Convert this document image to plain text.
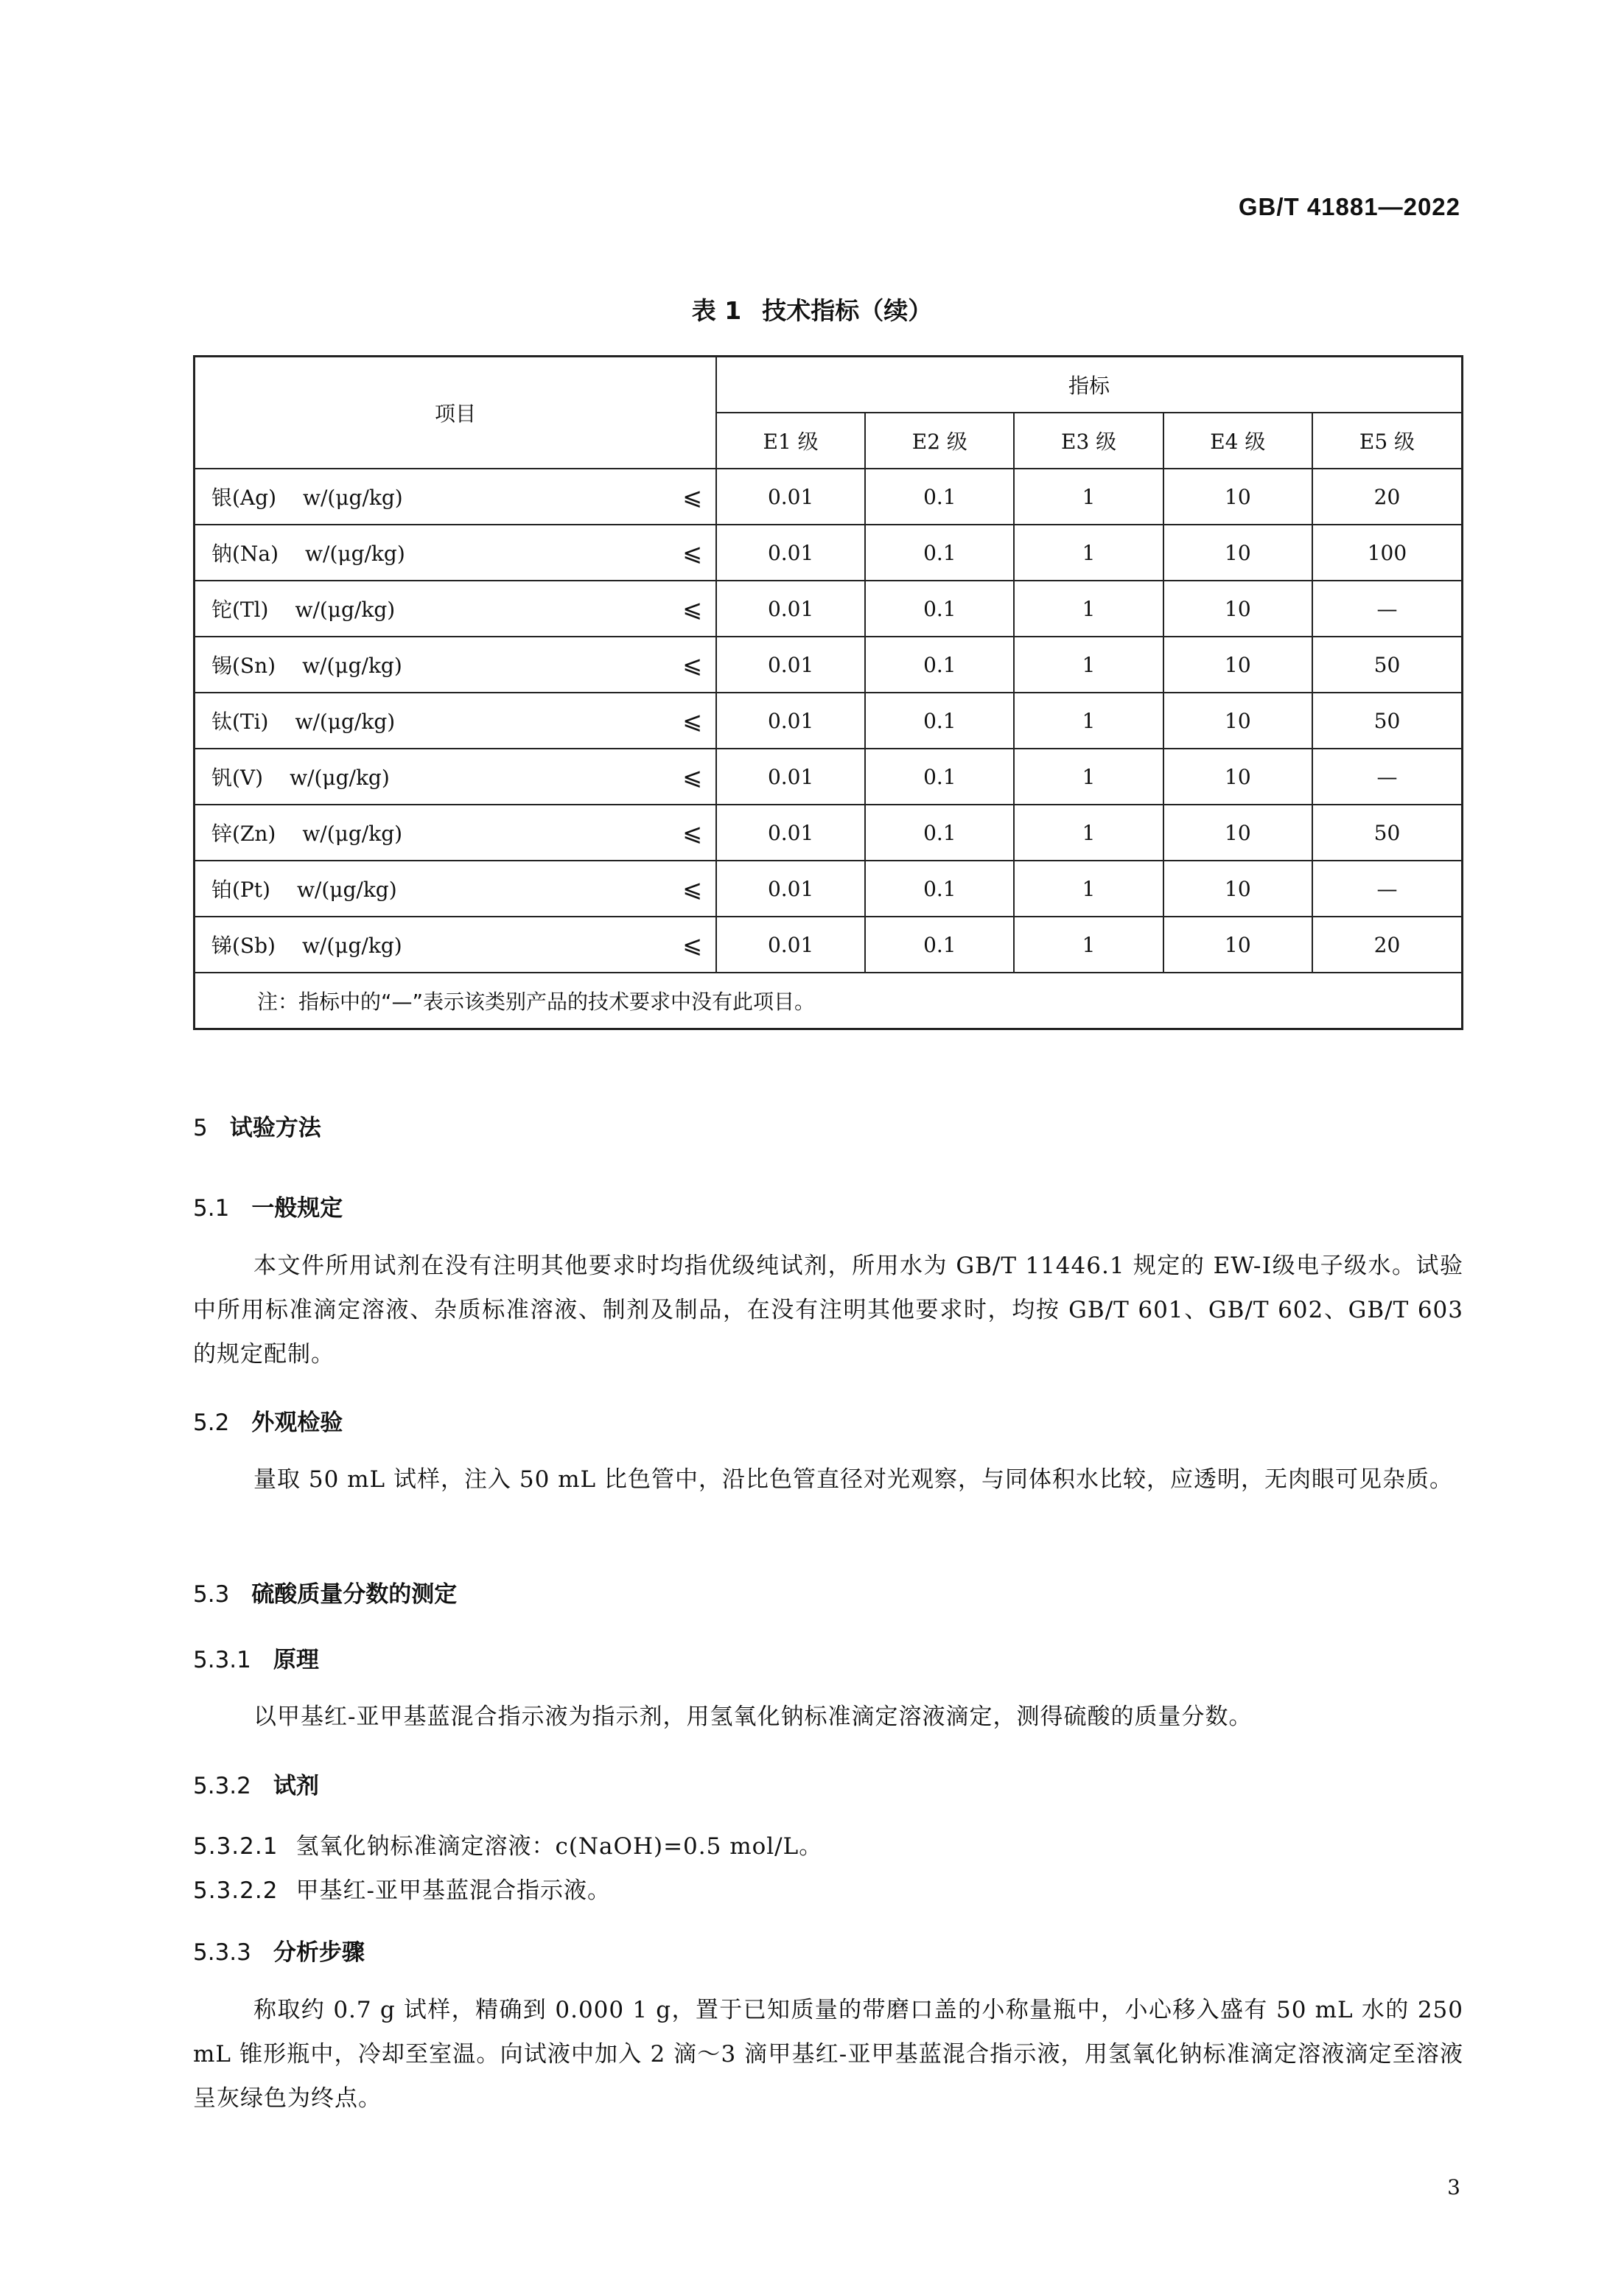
GB/T 41881—2022
表 1 技术指标（续）
项目	指标				
	E1 级	E2 级	E3 级	E4 级	E5 级
银(Ag) w/(μg/kg) ⩽	0.01	0.1	1	10	20
钠(Na) w/(μg/kg) ⩽	0.01	0.1	1	10	100
铊(Tl) w/(μg/kg) ⩽	0.01	0.1	1	10	—
锡(Sn) w/(μg/kg) ⩽	0.01	0.1	1	10	50
钛(Ti) w/(μg/kg) ⩽	0.01	0.1	1	10	50
钒(V) w/(μg/kg) ⩽	0.01	0.1	1	10	—
锌(Zn) w/(μg/kg) ⩽	0.01	0.1	1	10	50
铂(Pt) w/(μg/kg) ⩽	0.01	0.1	1	10	—
锑(Sb) w/(μg/kg) ⩽	0.01	0.1	1	10	20
注：指标中的“—”表示该类别产品的技术要求中没有此项目。					
5 试验方法
5.1 一般规定
本文件所用试剂在没有注明其他要求时均指优级纯试剂，所用水为 GB/T 11446.1 规定的 EW-Ⅰ级电子级水。试验中所用标准滴定溶液、杂质标准溶液、制剂及制品，在没有注明其他要求时，均按 GB/T 601、GB/T 602、GB/T 603 的规定配制。
5.2 外观检验
量取 50 mL 试样，注入 50 mL 比色管中，沿比色管直径对光观察，与同体积水比较，应透明，无肉眼可见杂质。
5.3 硫酸质量分数的测定
5.3.1 原理
以甲基红-亚甲基蓝混合指示液为指示剂，用氢氧化钠标准滴定溶液滴定，测得硫酸的质量分数。
5.3.2 试剂
5.3.2.1 氢氧化钠标准滴定溶液：c(NaOH)=0.5 mol/L。
5.3.2.2 甲基红-亚甲基蓝混合指示液。
5.3.3 分析步骤
称取约 0.7 g 试样，精确到 0.000 1 g，置于已知质量的带磨口盖的小称量瓶中，小心移入盛有 50 mL 水的 250 mL 锥形瓶中，冷却至室温。向试液中加入 2 滴～3 滴甲基红-亚甲基蓝混合指示液，用氢氧化钠标准滴定溶液滴定至溶液呈灰绿色为终点。
3
